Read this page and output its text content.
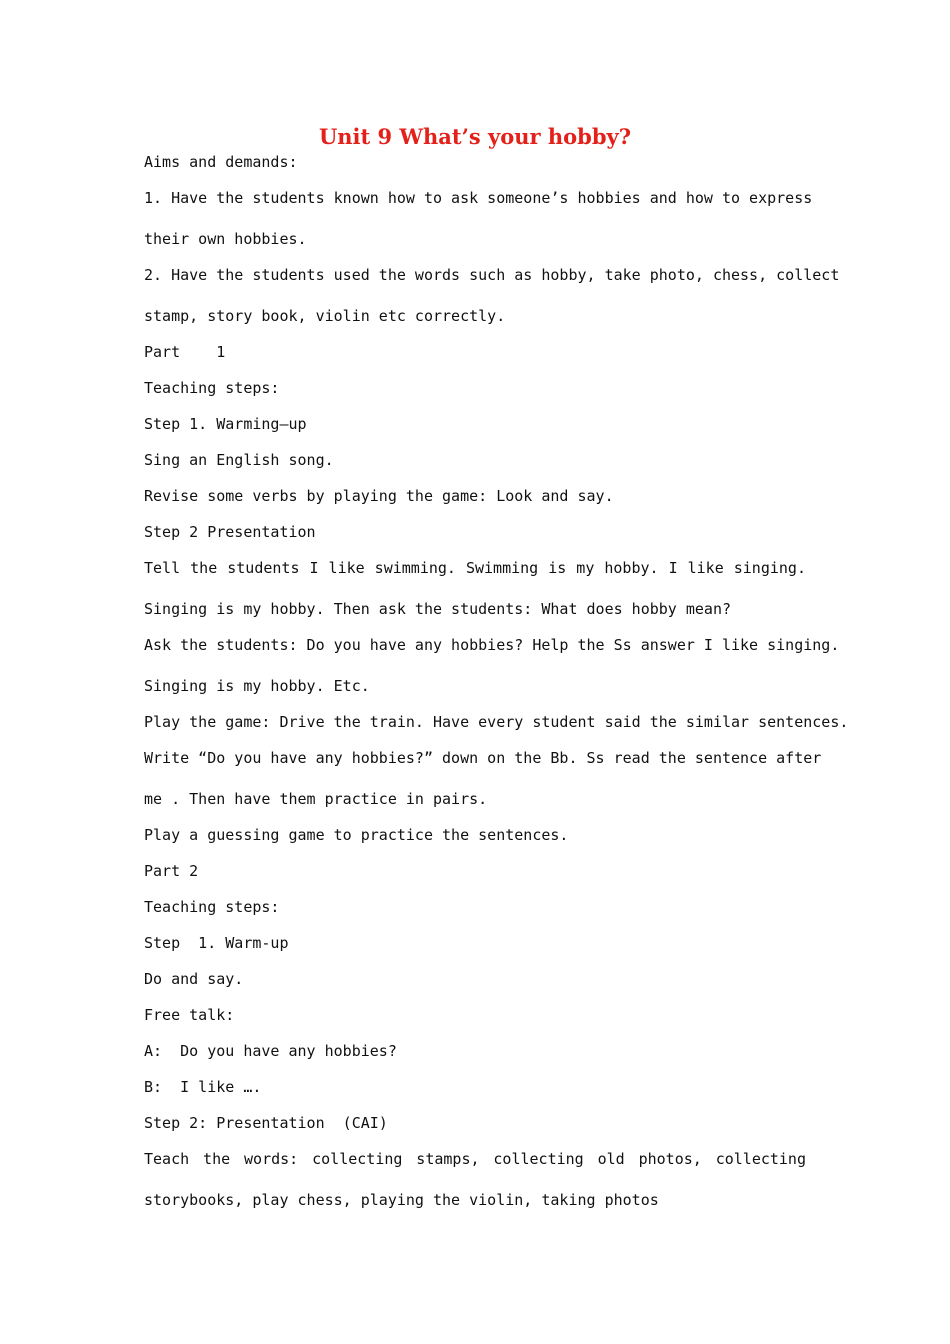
Unit 9 What’s your hobby?
Aims and demands:
1. Have the students known how to ask someone’s hobbies and how to express
their own hobbies.
2. Have the students used the words such as hobby, take photo, chess, collect
stamp, story book, violin etc correctly.
Part    1
Teaching steps:
Step 1. Warming–up
Sing an English song.
Revise some verbs by playing the game: Look and say.
Step 2 Presentation
Tell the students I like swimming. Swimming is my hobby. I like singing.
Singing is my hobby. Then ask the students: What does hobby mean?
Ask the students: Do you have any hobbies? Help the Ss answer I like singing.
Singing is my hobby. Etc.
Play the game: Drive the train. Have every student said the similar sentences.
Write “Do you have any hobbies?” down on the Bb. Ss read the sentence after
me . Then have them practice in pairs.
Play a guessing game to practice the sentences.
Part 2
Teaching steps:
Step  1. Warm-up
Do and say.
Free talk:
A:  Do you have any hobbies?
B:  I like ….
Step 2: Presentation  (CAI)
Teach the words: collecting stamps, collecting old photos, collecting
storybooks, play chess, playing the violin, taking photos
